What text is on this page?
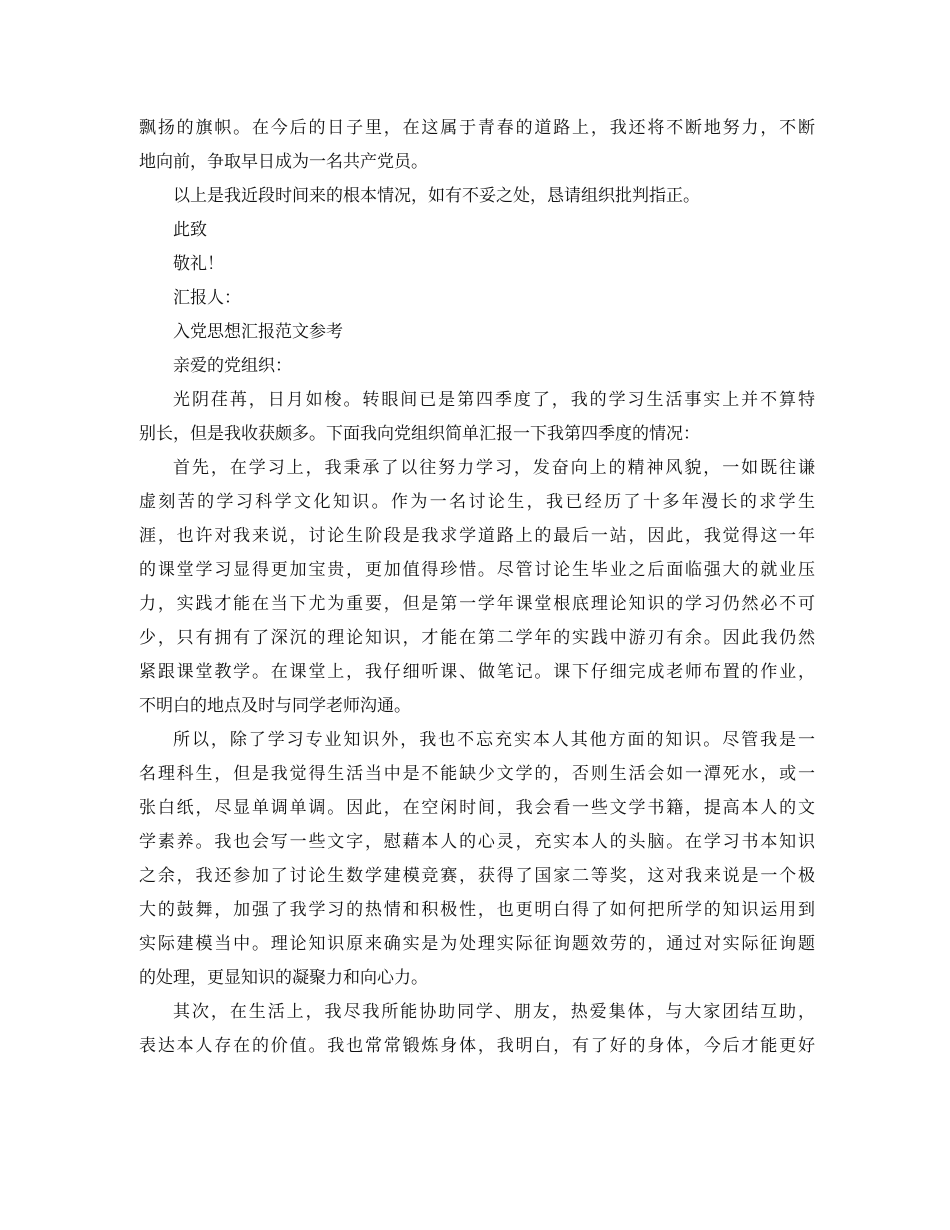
飘扬的旗帜。在今后的日子里，在这属于青春的道路上，我还将不断地努力，不断
地向前，争取早日成为一名共产党员。
以上是我近段时间来的根本情况，如有不妥之处，恳请组织批判指正。
此致
敬礼！
汇报人：
入党思想汇报范文参考
亲爱的党组织：
光阴荏苒，日月如梭。转眼间已是第四季度了，我的学习生活事实上并不算特
别长，但是我收获颇多。下面我向党组织简单汇报一下我第四季度的情况：
首先，在学习上，我秉承了以往努力学习，发奋向上的精神风貌，一如既往谦
虚刻苦的学习科学文化知识。作为一名讨论生，我已经历了十多年漫长的求学生
涯，也许对我来说，讨论生阶段是我求学道路上的最后一站，因此，我觉得这一年
的课堂学习显得更加宝贵，更加值得珍惜。尽管讨论生毕业之后面临强大的就业压
力，实践才能在当下尤为重要，但是第一学年课堂根底理论知识的学习仍然必不可
少，只有拥有了深沉的理论知识，才能在第二学年的实践中游刃有余。因此我仍然
紧跟课堂教学。在课堂上，我仔细听课、做笔记。课下仔细完成老师布置的作业，
不明白的地点及时与同学老师沟通。
所以，除了学习专业知识外，我也不忘充实本人其他方面的知识。尽管我是一
名理科生，但是我觉得生活当中是不能缺少文学的，否则生活会如一潭死水，或一
张白纸，尽显单调单调。因此，在空闲时间，我会看一些文学书籍，提高本人的文
学素养。我也会写一些文字，慰藉本人的心灵，充实本人的头脑。在学习书本知识
之余，我还参加了讨论生数学建模竞赛，获得了国家二等奖，这对我来说是一个极
大的鼓舞，加强了我学习的热情和积极性，也更明白得了如何把所学的知识运用到
实际建模当中。理论知识原来确实是为处理实际征询题效劳的，通过对实际征询题
的处理，更显知识的凝聚力和向心力。
其次，在生活上，我尽我所能协助同学、朋友，热爱集体，与大家团结互助，
表达本人存在的价值。我也常常锻炼身体，我明白，有了好的身体，今后才能更好
